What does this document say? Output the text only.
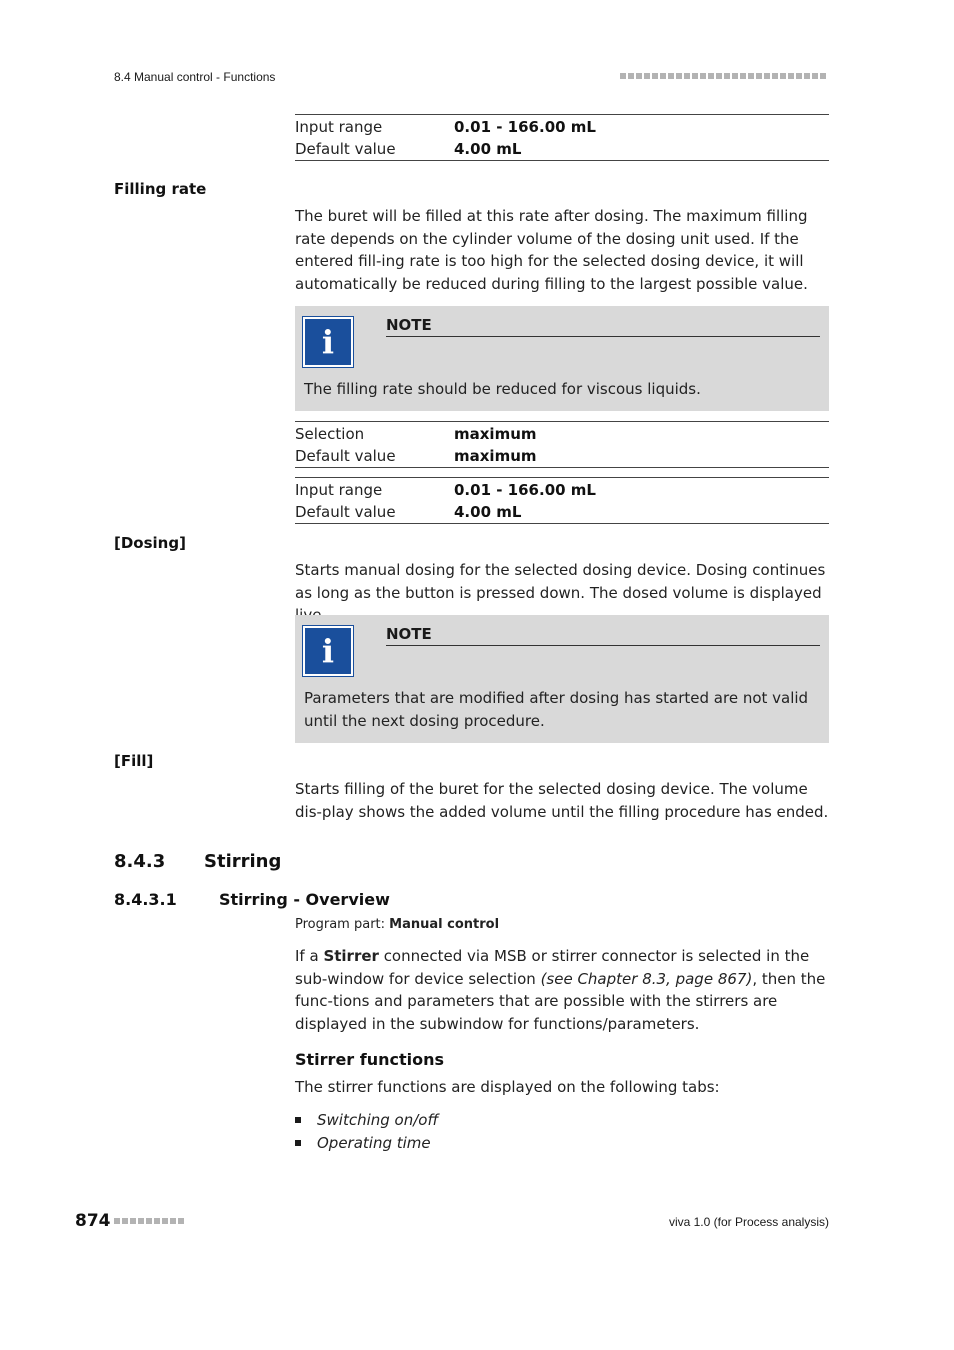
8.4 Manual control - Functions
Input range	0.01 - 166.00 mL
Default value	4.00 mL
Filling rate
The buret will be filled at this rate after dosing. The maximum filling rate depends on the cylinder volume of the dosing unit used. If the entered fill-ing rate is too high for the selected dosing device, it will automatically be reduced during filling to the largest possible value.
i	NOTE
The filling rate should be reduced for viscous liquids.
Selection	maximum
Default value	maximum
Input range	0.01 - 166.00 mL
Default value	4.00 mL
[Dosing]
Starts manual dosing for the selected dosing device. Dosing continues as long as the button is pressed down. The dosed volume is displayed
i	NOTE
Parameters that are modified after dosing has started are not valid until the next dosing procedure.
[Fill]
Starts filling of the buret for the selected dosing device. The volume dis-play shows the added volume until the filling procedure has ended.
8.4.3 Stirring
8.4.3.1	Stirring - Overview
Program part: Manual control
If a Stirrer connected via MSB or stirrer connector is selected in the sub-window for device selection (see Chapter 8.3, page 867), then the func-tions and parameters that are possible with the stirrers are displayed in the subwindow for functions/parameters.
Stirrer functions
The stirrer functions are displayed on the following tabs:
Switching on/off
Operating time
874	viva 1.0 (for Process analysis)
